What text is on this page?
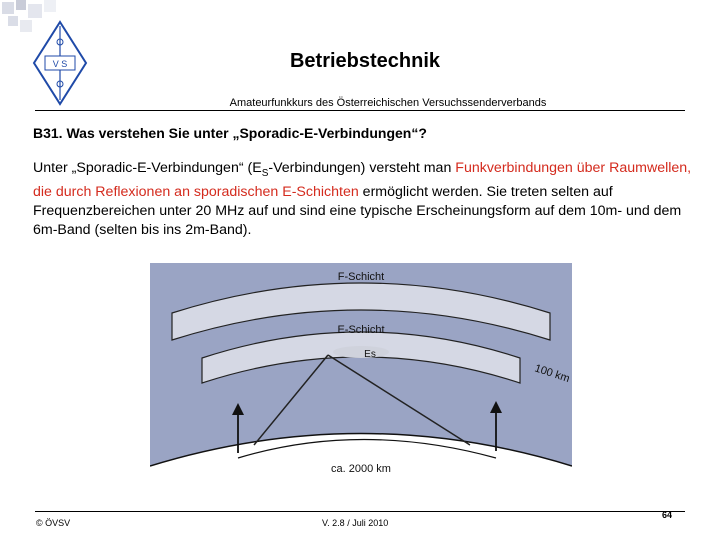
V S	Betriebstechnik
Amateurfunkkurs des Österreichischen Versuchssenderverbands
B31. Was verstehen Sie unter „Sporadic-E-Verbindungen“?
Unter „Sporadic-E-Verbindungen“ $(E_S-Verbindungen)$ versteht man Funkverbindungen über Raumwellen, die durch Reflexionen an sporadischen E-Schichten ermöglicht werden. Sie treten selten auf Frequenzbereichen unter 20 MHz auf und sind eine typische Erscheinungsform auf dem 10m- und dem 6m-Band (selten bis ins 2m-Band).
F-Schicht
E-Schicht
Es
100 km
ca. 2000 km
© ÖVSV	V. 2.8 / Juli 2010
64
